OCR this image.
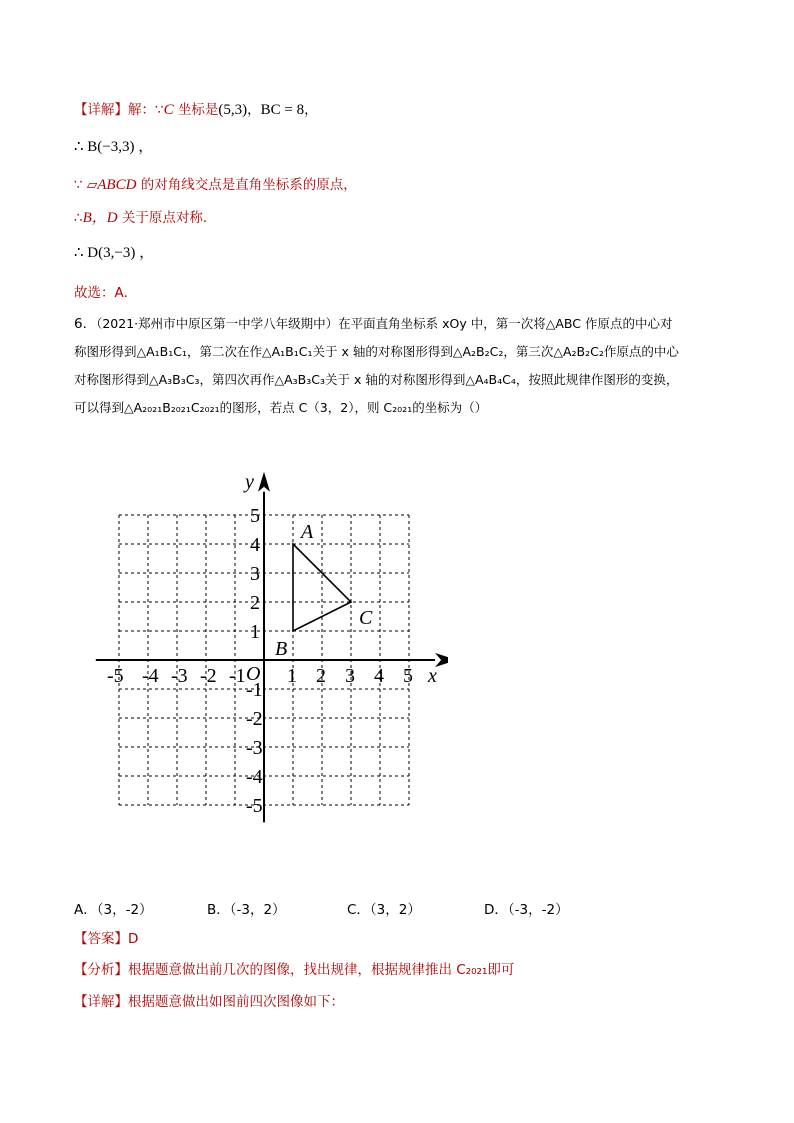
【详解】解：∵C 坐标是(5,3)，BC = 8，
∴ B(−3,3) ，
∵ ▱ABCD 的对角线交点是直角坐标系的原点，
∴B，D 关于原点对称．
∴ D(3,−3) ，
故选：A．
6．（2021·郑州市中原区第一中学八年级期中）在平面直角坐标系 xOy 中，第一次将△ABC 作原点的中心对
称图形得到△A₁B₁C₁，第二次在作△A₁B₁C₁关于 x 轴的对称图形得到△A₂B₂C₂，第三次△A₂B₂C₂作原点的中心
对称图形得到△A₃B₃C₃，第四次再作△A₃B₃C₃关于 x 轴的对称图形得到△A₄B₄C₄，按照此规律作图形的变换，
可以得到△A₂₀₂₁B₂₀₂₁C₂₀₂₁的图形，若点 C（3，2），则 C₂₀₂₁的坐标为（）
-5 -4 -3 -2 -1 1 2 3 4 5
5
4
3
2
1
-1
-2
-3
-4
-5
A
B
C
x
y
O
A．（3，-2）	B．（-3，2）	C．（3，2）	D．（-3，-2）
【答案】D
【分析】根据题意做出前几次的图像，找出规律，根据规律推出 C₂₀₂₁即可
【详解】根据题意做出如图前四次图像如下：
